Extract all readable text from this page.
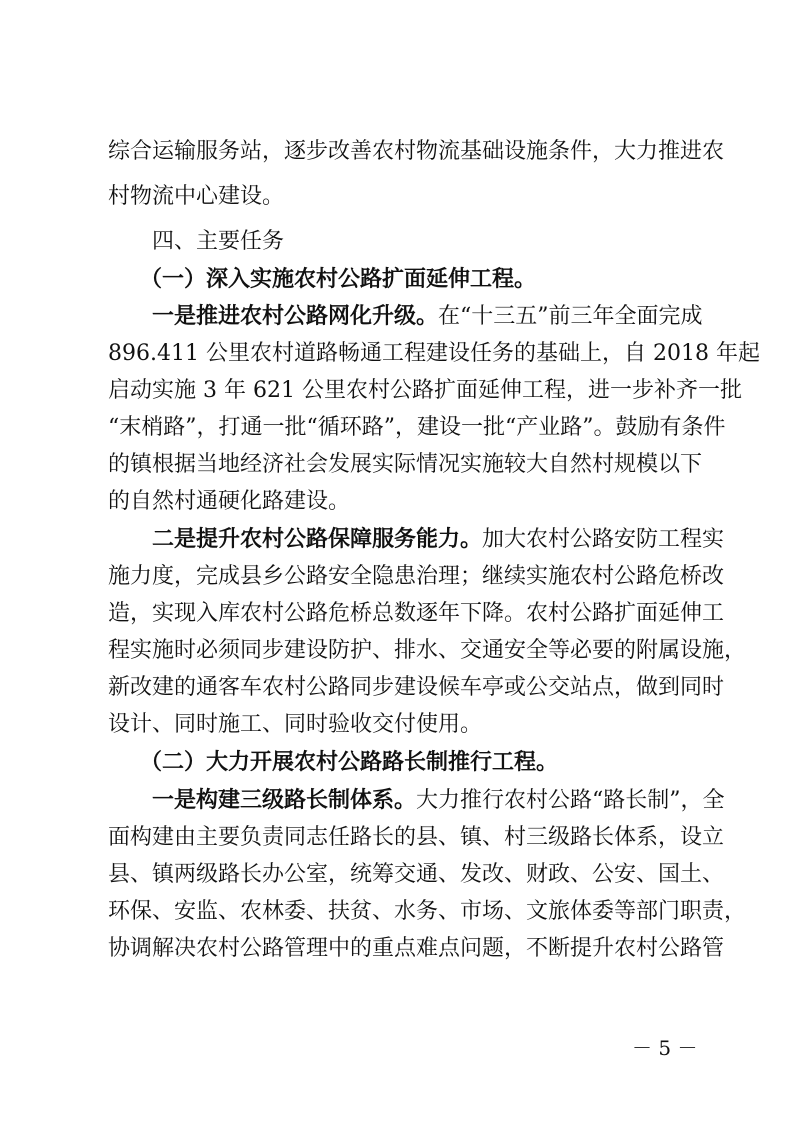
综合运输服务站，逐步改善农村物流基础设施条件，大力推进农
村物流中心建设。
四、主要任务
（一）深入实施农村公路扩面延伸工程。
一是推进农村公路网化升级。在“十三五”前三年全面完成
896.411 公里农村道路畅通工程建设任务的基础上，自 2018 年起
启动实施 3 年 621 公里农村公路扩面延伸工程，进一步补齐一批
“末梢路”，打通一批“循环路”，建设一批“产业路”。鼓励有条件
的镇根据当地经济社会发展实际情况实施较大自然村规模以下
的自然村通硬化路建设。
二是提升农村公路保障服务能力。加大农村公路安防工程实
施力度，完成县乡公路安全隐患治理；继续实施农村公路危桥改
造，实现入库农村公路危桥总数逐年下降。农村公路扩面延伸工
程实施时必须同步建设防护、排水、交通安全等必要的附属设施，
新改建的通客车农村公路同步建设候车亭或公交站点，做到同时
设计、同时施工、同时验收交付使用。
（二）大力开展农村公路路长制推行工程。
一是构建三级路长制体系。大力推行农村公路“路长制”，全
面构建由主要负责同志任路长的县、镇、村三级路长体系，设立
县、镇两级路长办公室，统筹交通、发改、财政、公安、国土、
环保、安监、农林委、扶贫、水务、市场、文旅体委等部门职责，
协调解决农村公路管理中的重点难点问题，不断提升农村公路管
－ 5 －
